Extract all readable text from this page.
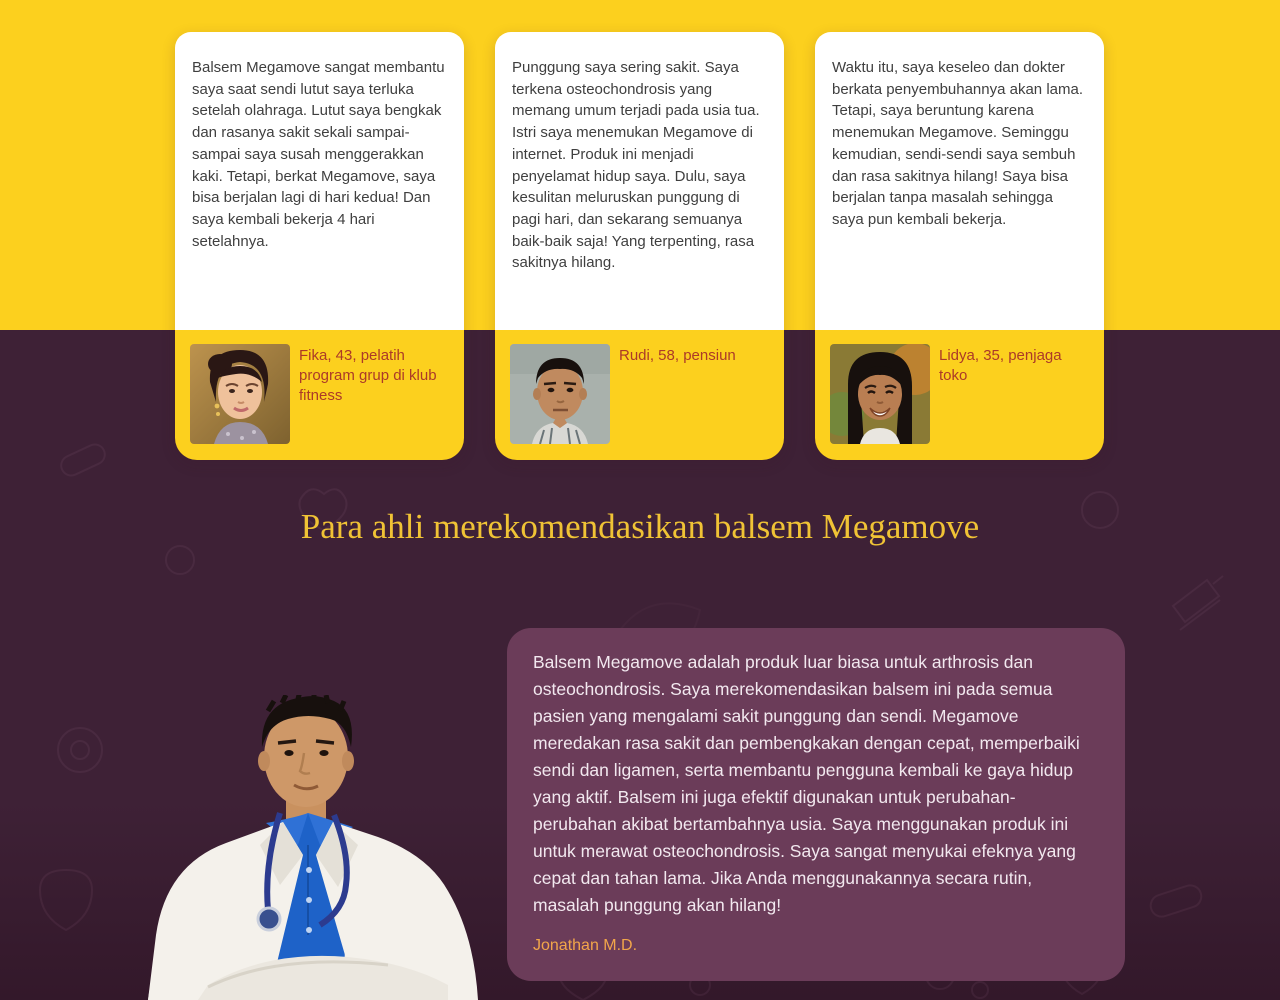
Balsem Megamove sangat membantu saya saat sendi lutut saya terluka setelah olahraga. Lutut saya bengkak dan rasanya sakit sekali sampai-sampai saya susah menggerakkan kaki. Tetapi, berkat Megamove, saya bisa berjalan lagi di hari kedua! Dan saya kembali bekerja 4 hari setelahnya.
Fika, 43, pelatih program grup di klub fitness
Punggung saya sering sakit. Saya terkena osteochondrosis yang memang umum terjadi pada usia tua. Istri saya menemukan Megamove di internet. Produk ini menjadi penyelamat hidup saya. Dulu, saya kesulitan meluruskan punggung di pagi hari, dan sekarang semuanya baik-baik saja! Yang terpenting, rasa sakitnya hilang.
Rudi, 58, pensiun
Waktu itu, saya keseleo dan dokter berkata penyembuhannya akan lama. Tetapi, saya beruntung karena menemukan Megamove. Seminggu kemudian, sendi-sendi saya sembuh dan rasa sakitnya hilang! Saya bisa berjalan tanpa masalah sehingga saya pun kembali bekerja.
Lidya, 35, penjaga toko
Para ahli merekomendasikan balsem Megamove

Balsem Megamove adalah produk luar biasa untuk arthrosis dan osteochondrosis. Saya merekomendasikan balsem ini pada semua pasien yang mengalami sakit punggung dan sendi. Megamove meredakan rasa sakit dan pembengkakan dengan cepat, memperbaiki sendi dan ligamen, serta membantu pengguna kembali ke gaya hidup yang aktif. Balsem ini juga efektif digunakan untuk perubahan-perubahan akibat bertambahnya usia. Saya menggunakan produk ini untuk merawat osteochondrosis. Saya sangat menyukai efeknya yang cepat dan tahan lama. Jika Anda menggunakannya secara rutin, masalah punggung akan hilang!

Jonathan M.D.
